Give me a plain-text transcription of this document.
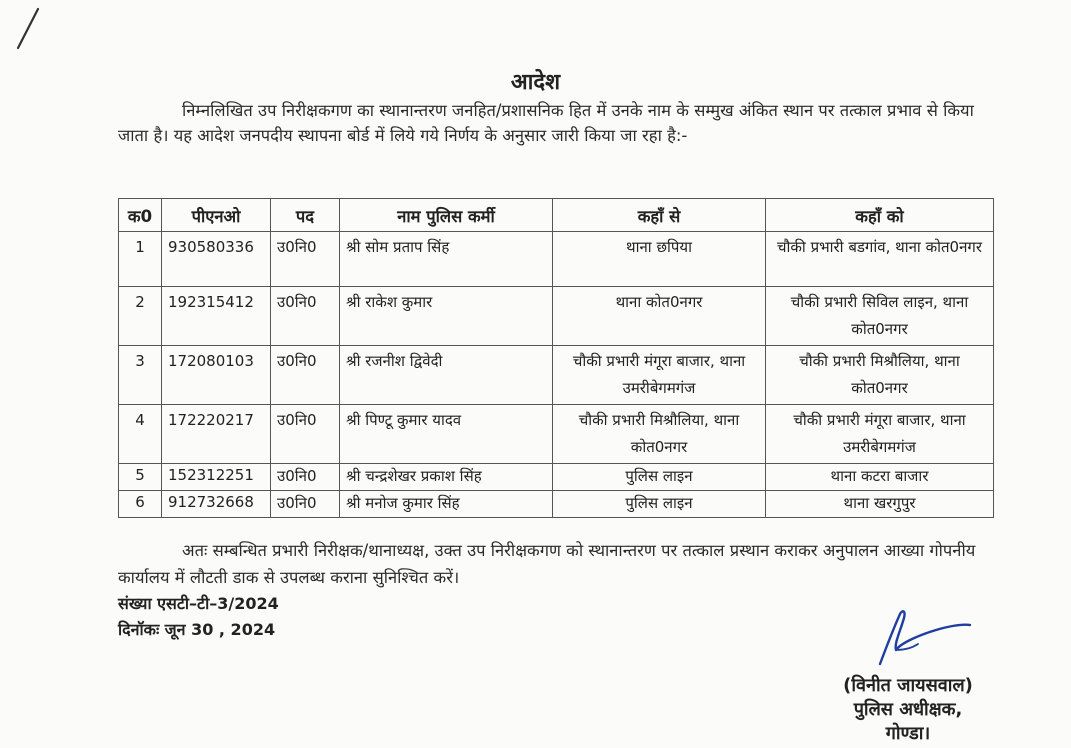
आदेश
निम्नलिखित उप निरीक्षकगण का स्थानान्तरण जनहित/प्रशासनिक हित में उनके नाम के सम्मुख अंकित स्थान पर तत्काल प्रभाव से किया जाता है। यह आदेश जनपदीय स्थापना बोर्ड में लिये गये निर्णय के अनुसार जारी किया जा रहा है:-
क0	पीएनओ	पद	नाम पुलिस कर्मी	कहाँ से	कहाँ को
1	930580336	उ0नि0	श्री सोम प्रताप सिंह	थाना छपिया	चौकी प्रभारी बडगांव, थाना कोत0नगर
2	192315412	उ0नि0	श्री राकेश कुमार	थाना कोत0नगर	चौकी प्रभारी सिविल लाइन, थाना कोत0नगर
3	172080103	उ0नि0	श्री रजनीश द्विवेदी	चौकी प्रभारी मंगूरा बाजार, थाना उमरीबेगमगंज	चौकी प्रभारी मिश्रौलिया, थाना कोत0नगर
4	172220217	उ0नि0	श्री पिण्टू कुमार यादव	चौकी प्रभारी मिश्रौलिया, थाना कोत0नगर	चौकी प्रभारी मंगूरा बाजार, थाना उमरीबेगमगंज
5	152312251	उ0नि0	श्री चन्द्रशेखर प्रकाश सिंह	पुलिस लाइन	थाना कटरा बाजार
6	912732668	उ0नि0	श्री मनोज कुमार सिंह	पुलिस लाइन	थाना खरगुपुर
अतः सम्बन्धित प्रभारी निरीक्षक/थानाध्यक्ष, उक्त उप निरीक्षकगण को स्थानान्तरण पर तत्काल प्रस्थान कराकर अनुपालन आख्या गोपनीय कार्यालय में लौटती डाक से उपलब्ध कराना सुनिश्चित करें।
संख्या एसटी–टी–3/2024
दिनॉकः जून 30 , 2024
(विनीत जायसवाल)
पुलिस अधीक्षक,
गोण्डा।
